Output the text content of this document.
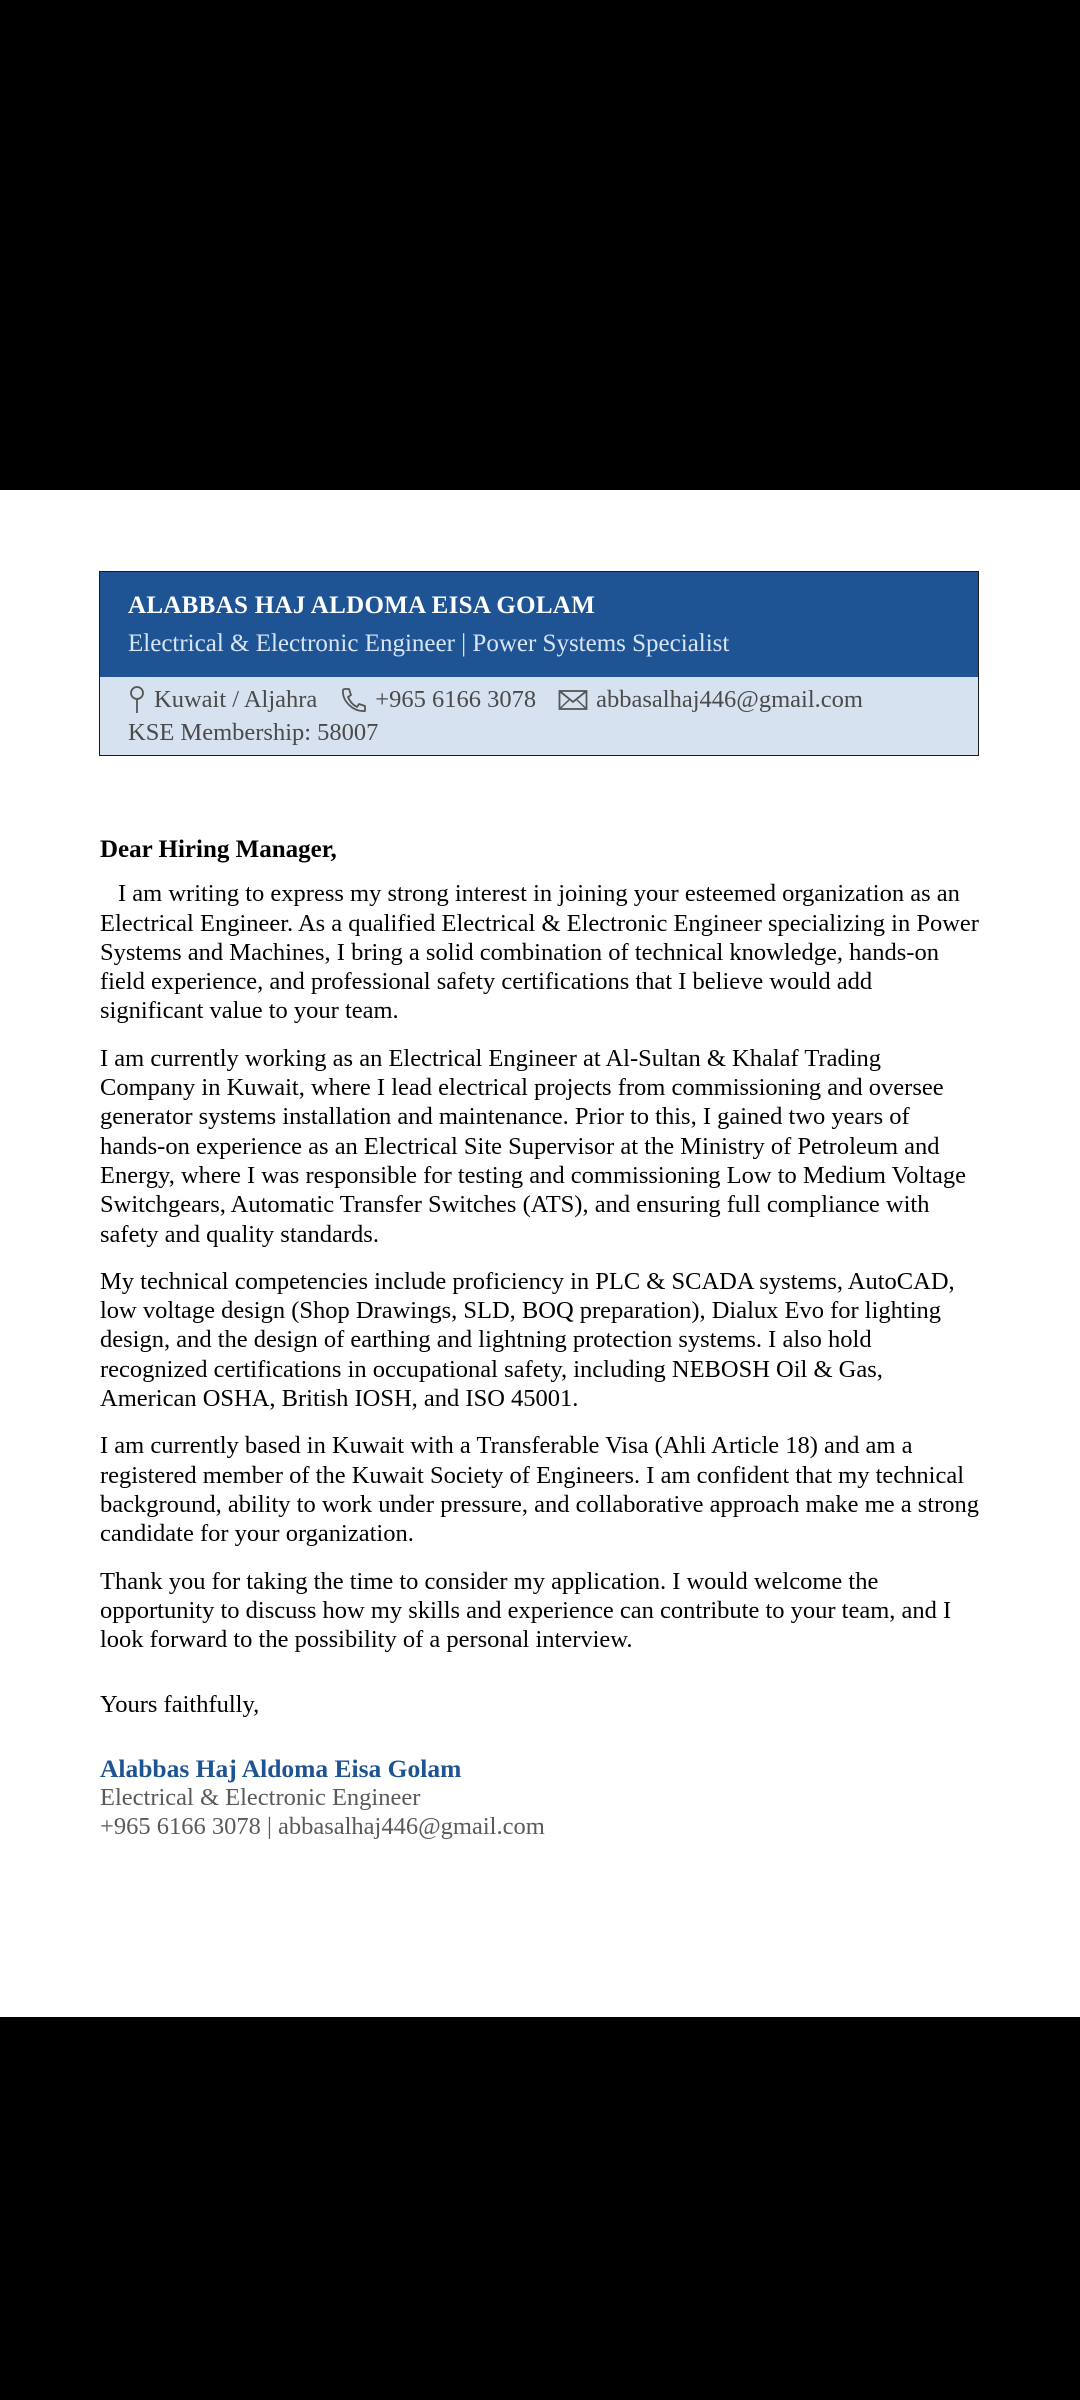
ALABBAS HAJ ALDOMA EISA GOLAM
Electrical & Electronic Engineer | Power Systems Specialist
Kuwait / Aljahra +965 6166 3078 abbasalhaj446@gmail.com
KSE Membership: 58007

Dear Hiring Manager,

I am writing to express my strong interest in joining your esteemed organization as an Electrical Engineer. As a qualified Electrical & Electronic Engineer specializing in Power Systems and Machines, I bring a solid combination of technical knowledge, hands-on field experience, and professional safety certifications that I believe would add significant value to your team.

I am currently working as an Electrical Engineer at Al-Sultan & Khalaf Trading Company in Kuwait, where I lead electrical projects from commissioning and oversee generator systems installation and maintenance. Prior to this, I gained two years of hands-on experience as an Electrical Site Supervisor at the Ministry of Petroleum and Energy, where I was responsible for testing and commissioning Low to Medium Voltage Switchgears, Automatic Transfer Switches (ATS), and ensuring full compliance with safety and quality standards.

My technical competencies include proficiency in PLC & SCADA systems, AutoCAD, low voltage design (Shop Drawings, SLD, BOQ preparation), Dialux Evo for lighting design, and the design of earthing and lightning protection systems. I also hold recognized certifications in occupational safety, including NEBOSH Oil & Gas, American OSHA, British IOSH, and ISO 45001.

I am currently based in Kuwait with a Transferable Visa (Ahli Article 18) and am a registered member of the Kuwait Society of Engineers. I am confident that my technical background, ability to work under pressure, and collaborative approach make me a strong candidate for your organization.

Thank you for taking the time to consider my application. I would welcome the opportunity to discuss how my skills and experience can contribute to your team, and I look forward to the possibility of a personal interview.

Yours faithfully,

Alabbas Haj Aldoma Eisa Golam
Electrical & Electronic Engineer
+965 6166 3078 | abbasalhaj446@gmail.com
